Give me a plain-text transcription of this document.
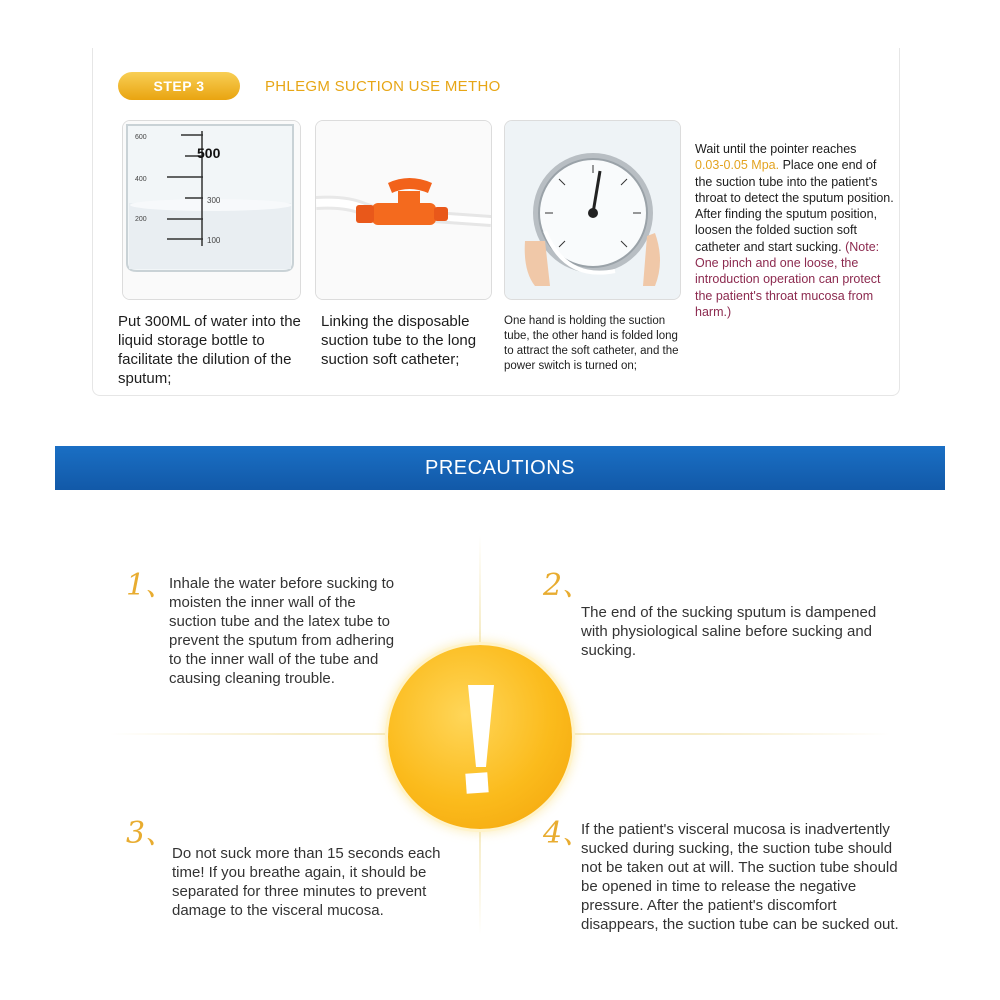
STEP 3	PHLEGM SUCTION USE METHO
600
500
400
300
200
100
Put 300ML of water into the liquid storage bottle to facilitate the dilution of the sputum;
Linking the disposable suction tube to the long suction soft catheter;
One hand is holding the suction tube, the other hand is folded long to attract the soft catheter, and the power switch is turned on;
Wait until the pointer reaches
0.03-0.05 Mpa. Place one end of the suction tube into the patient's throat to detect the sputum position. After finding the sputum position, loosen the folded suction soft catheter and start sucking. (Note: One pinch and one loose, the introduction operation can protect the patient's throat mucosa from harm.)
PRECAUTIONS
1、
Inhale the water before sucking to moisten the inner wall of the suction tube and the latex tube to prevent the sputum from adhering to the inner wall of the tube and causing cleaning trouble.
2、
The end of the sucking sputum is dampened with physiological saline before sucking and sucking.
3、
Do not suck more than 15 seconds each time! If you breathe again, it should be separated for three minutes to prevent damage to the visceral mucosa.
4、
If the patient's visceral mucosa is inadvertently sucked during sucking, the suction tube should not be taken out at will. The suction tube should be opened in time to release the negative pressure. After the patient's discomfort disappears, the suction tube can be sucked out.
